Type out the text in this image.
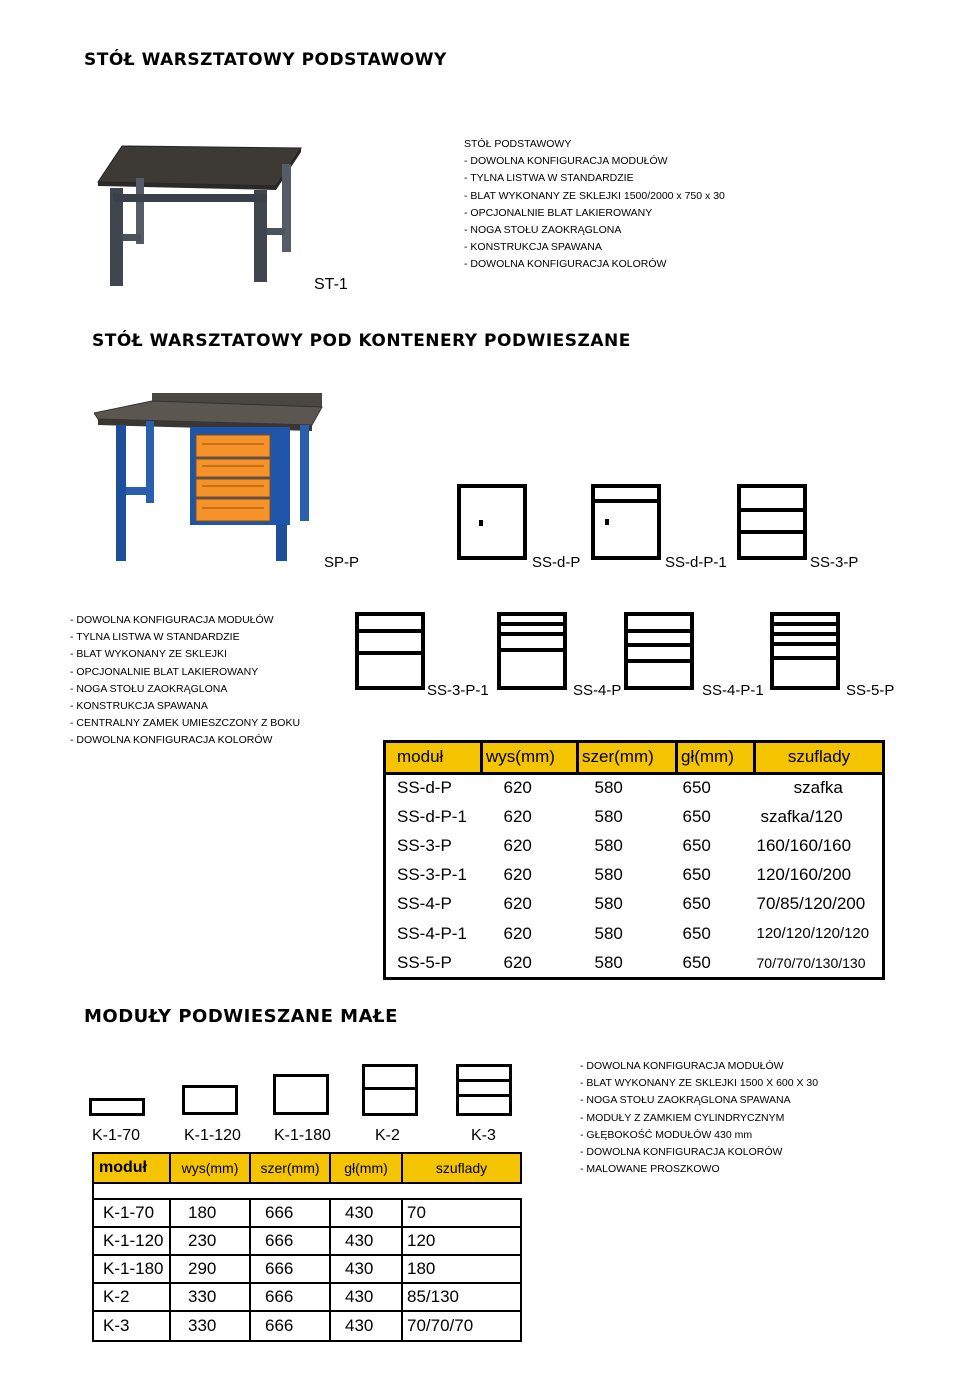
STÓŁ WARSZTATOWY PODSTAWOWY
ST-1
STÓŁ PODSTAWOWY
- DOWOLNA KONFIGURACJA MODUŁÓW
- TYLNA LISTWA W STANDARDZIE
- BLAT WYKONANY ZE SKLEJKI 1500/2000 x 750 x 30
- OPCJONALNIE BLAT LAKIEROWANY
- NOGA STOŁU ZAOKRĄGLONA
- KONSTRUKCJA SPAWANA
- DOWOLNA KONFIGURACJA KOLORÓW
STÓŁ WARSZTATOWY POD KONTENERY PODWIESZANE
SP-P	SS-d-P	SS-d-P-1	SS-3-P
- DOWOLNA KONFIGURACJA MODUŁÓW
- TYLNA LISTWA W STANDARDZIE
- BLAT WYKONANY ZE SKLEJKI
- OPCJONALNIE BLAT LAKIEROWANY
- NOGA STOŁU ZAOKRĄGLONA
- KONSTRUKCJA SPAWANA
- CENTRALNY ZAMEK UMIESZCZONY Z BOKU
- DOWOLNA KONFIGURACJA KOLORÓW
SS-3-P-1	SS-4-P	SS-4-P-1	SS-5-P
moduł	wys(mm)	szer(mm)	gł(mm)	szuflady
SS-d-P	620	580	650	szafka
SS-d-P-1	620	580	650	szafka/120
SS-3-P	620	580	650	160/160/160
SS-3-P-1	620	580	650	120/160/200
SS-4-P	620	580	650	70/85/120/200
SS-4-P-1	620	580	650	120/120/120/120
SS-5-P	620	580	650	70/70/70/130/130
MODUŁY PODWIESZANE MAŁE
K-1-70	K-1-120 K-1-180	K-2	K-3
moduł	wys(mm)	szer(mm)	gł(mm)	szuflady

K-1-70	180	666	430	70
K-1-120	230	666	430	120
K-1-180	290	666	430	180
K-2	330	666	430	85/130
K-3	330	666	430	70/70/70
- DOWOLNA KONFIGURACJA MODUŁÓW
- BLAT WYKONANY ZE SKLEJKI 1500 X 600 X 30
- NOGA STOŁU ZAOKRĄGLONA SPAWANA
- MODUŁY Z ZAMKIEM CYLINDRYCZNYM
- GŁĘBOKOŚĆ MODUŁÓW 430 mm
- DOWOLNA KONFIGURACJA KOLORÓW
- MALOWANE PROSZKOWO
